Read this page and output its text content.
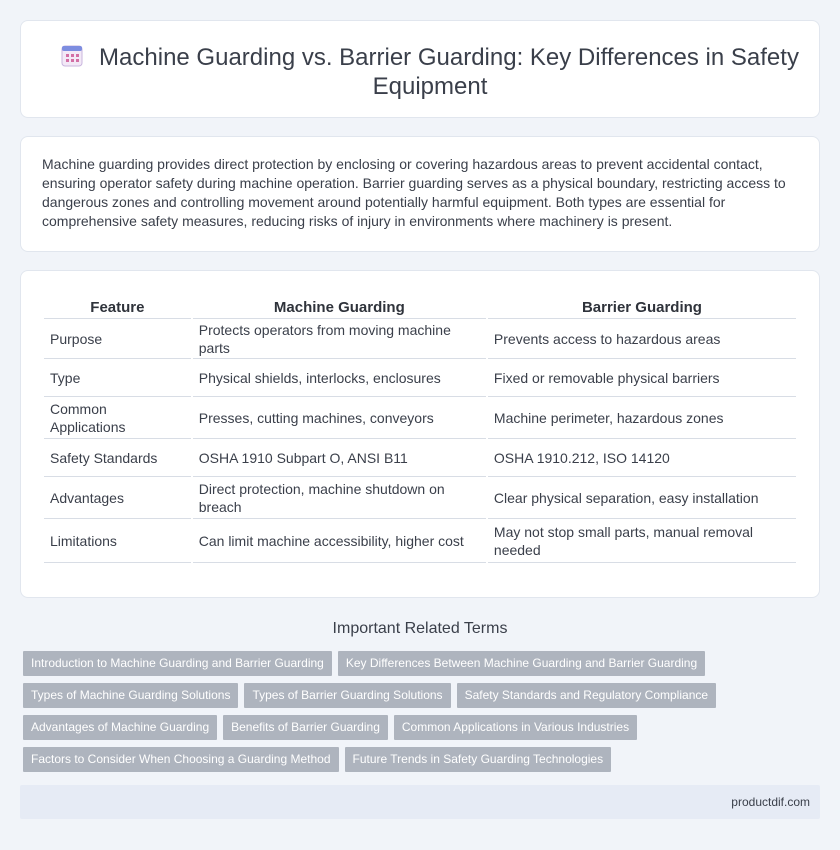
Machine Guarding vs. Barrier Guarding: Key Differences in Safety Equipment

Machine guarding provides direct protection by enclosing or covering hazardous areas to prevent accidental contact, ensuring operator safety during machine operation. Barrier guarding serves as a physical boundary, restricting access to dangerous zones and controlling movement around potentially harmful equipment. Both types are essential for comprehensive safety measures, reducing risks of injury in environments where machinery is present.

Feature	Machine Guarding	Barrier Guarding
Purpose	Protects operators from moving machine parts	Prevents access to hazardous areas
Type	Physical shields, interlocks, enclosures	Fixed or removable physical barriers
Common Applications	Presses, cutting machines, conveyors	Machine perimeter, hazardous zones
Safety Standards	OSHA 1910 Subpart O, ANSI B11	OSHA 1910.212, ISO 14120
Advantages	Direct protection, machine shutdown on breach	Clear physical separation, easy installation
Limitations	Can limit machine accessibility, higher cost	May not stop small parts, manual removal needed
Important Related Terms
Introduction to Machine Guarding and Barrier Guarding Key Differences Between Machine Guarding and Barrier Guarding
Types of Machine Guarding Solutions Types of Barrier Guarding Solutions Safety Standards and Regulatory Compliance
Advantages of Machine Guarding Benefits of Barrier Guarding Common Applications in Various Industries
Factors to Consider When Choosing a Guarding Method Future Trends in Safety Guarding Technologies
productdif.com
